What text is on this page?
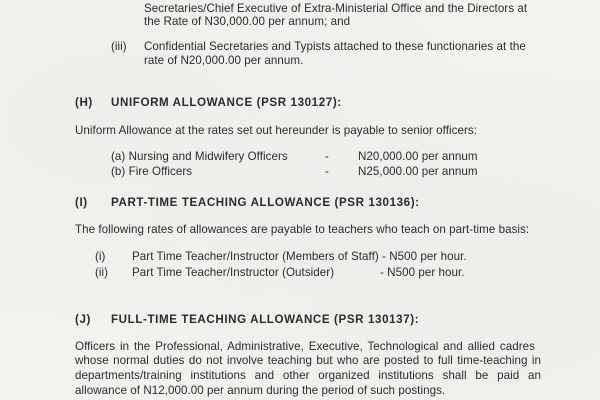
Secretaries/Chief Executive of Extra-Ministerial Office and the Directors at
the Rate of N30,000.00 per annum; and
(iii) Confidential Secretaries and Typists attached to these functionaries at the
rate of N20,000.00 per annum.
(H) UNIFORM ALLOWANCE (PSR 130127):
Uniform Allowance at the rates set out hereunder is payable to senior officers:
(a) Nursing and Midwifery Officers	-	N20,000.00 per annum
(b) Fire Officers	-	N25,000.00 per annum
(I) PART-TIME TEACHING ALLOWANCE (PSR 130136):
The following rates of allowances are payable to teachers who teach on part-time basis:
(i) Part Time Teacher/Instructor (Members of Staff) - N500 per hour.
(ii) Part Time Teacher/Instructor (Outsider)	- N500 per hour.
(J) FULL-TIME TEACHING ALLOWANCE (PSR 130137):
Officers in the Professional, Administrative, Executive, Technological and allied cadres
whose normal duties do not involve teaching but who are posted to full time-teaching in
departments/training institutions and other organized institutions shall be paid an
allowance of N12,000.00 per annum during the period of such postings.
